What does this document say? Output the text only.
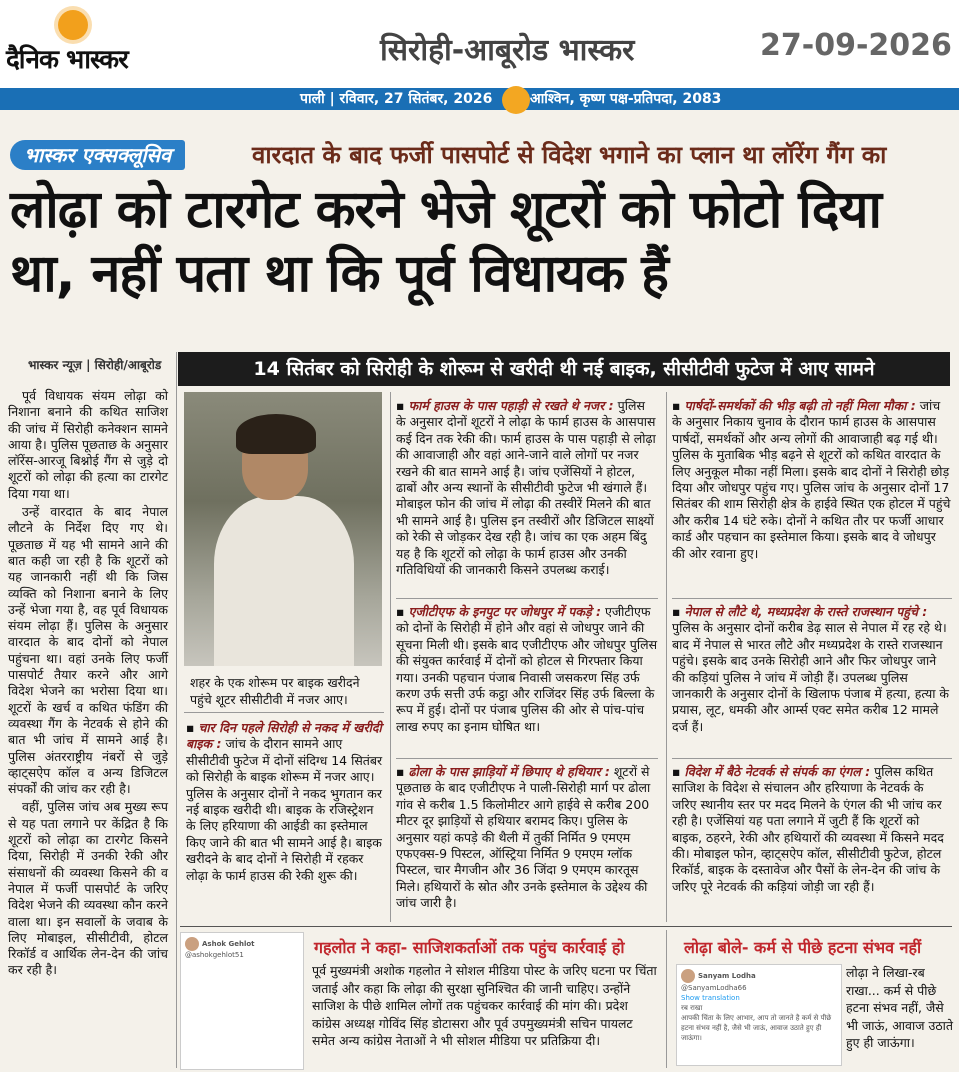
दैनिक भास्कर	सिरोही-आबूरोड भास्कर	27-09-2026
पाली | रविवार, 27 सितंबर, 2026	आश्विन, कृष्ण पक्ष-प्रतिपदा, 2083
भास्कर एक्सक्लूसिव	वारदात के बाद फर्जी पासपोर्ट से विदेश भगाने का प्लान था लॉरेंग गैंग का
लोढ़ा को टारगेट करने भेजे शूटरों को फोटो दिया था, नहीं पता था कि पूर्व विधायक हैं
भास्कर न्यूज़ | सिरोही/आबूरोड	14 सितंबर को सिरोही के शोरूम से खरीदी थी नई बाइक, सीसीटीवी फुटेज में आए सामने

पूर्व विधायक संयम लोढ़ा को निशाना बनाने की कथित साजिश की जांच में सिरोही कनेक्शन सामने आया है। पुलिस पूछताछ के अनुसार लॉरेंस-आरजू बिश्नोई गैंग से जुड़े दो शूटरों को लोढ़ा की हत्या का टारगेट दिया गया था।

उन्हें वारदात के बाद नेपाल लौटने के निर्देश दिए गए थे। पूछताछ में यह भी सामने आने की बात कही जा रही है कि शूटरों को यह जानकारी नहीं थी कि जिस व्यक्ति को निशाना बनाने के लिए उन्हें भेजा गया है, वह पूर्व विधायक संयम लोढ़ा हैं। पुलिस के अनुसार वारदात के बाद दोनों को नेपाल पहुंचना था। वहां उनके लिए फर्जी पासपोर्ट तैयार करने और आगे विदेश भेजने का भरोसा दिया था। शूटरों के खर्च व कथित फंडिंग की व्यवस्था गैंग के नेटवर्क से होने की बात भी जांच में सामने आई है। पुलिस अंतरराष्ट्रीय नंबरों से जुड़े व्हाट्सऐप कॉल व अन्य डिजिटल संपर्कों की जांच कर रही है।

वहीं, पुलिस जांच अब मुख्य रूप से यह पता लगाने पर केंद्रित है कि शूटरों को लोढ़ा का टारगेट किसने दिया, सिरोही में उनकी रेकी और संसाधनों की व्यवस्था किसने की व नेपाल में फर्जी पासपोर्ट के जरिए विदेश भेजने की व्यवस्था कौन करने वाला था। इन सवालों के जवाब के लिए मोबाइल, सीसीटीवी, होटल रिकॉर्ड व आर्थिक लेन-देन की जांच कर रही है।

शहर के एक शोरूम पर बाइक खरीदने पहुंचे शूटर सीसीटीवी में नजर आए।

▪ चार दिन पहले सिरोही से नकद में खरीदी बाइक : जांच के दौरान सामने आए सीसीटीवी फुटेज में दोनों संदिग्ध 14 सितंबर को सिरोही के बाइक शोरूम में नजर आए। पुलिस के अनुसार दोनों ने नकद भुगतान कर नई बाइक खरीदी थी। बाइक के रजिस्ट्रेशन के लिए हरियाणा की आईडी का इस्तेमाल किए जाने की बात भी सामने आई है। बाइक खरीदने के बाद दोनों ने सिरोही में रहकर लोढ़ा के फार्म हाउस की रेकी शुरू की।

▪ फार्म हाउस के पास पहाड़ी से रखते थे नजर : पुलिस के अनुसार दोनों शूटरों ने लोढ़ा के फार्म हाउस के आसपास कई दिन तक रेकी की। फार्म हाउस के पास पहाड़ी से लोढ़ा की आवाजाही और वहां आने-जाने वाले लोगों पर नजर रखने की बात सामने आई है। जांच एजेंसियों ने होटल, ढाबों और अन्य स्थानों के सीसीटीवी फुटेज भी खंगाले हैं। मोबाइल फोन की जांच में लोढ़ा की तस्वीरें मिलने की बात भी सामने आई है। पुलिस इन तस्वीरों और डिजिटल साक्ष्यों को रेकी से जोड़कर देख रही है। जांच का एक अहम बिंदु यह है कि शूटरों को लोढ़ा के फार्म हाउस और उनकी गतिविधियों की जानकारी किसने उपलब्ध कराई।

▪ एजीटीएफ के इनपुट पर जोधपुर में पकड़े : एजीटीएफ को दोनों के सिरोही में होने और वहां से जोधपुर जाने की सूचना मिली थी। इसके बाद एजीटीएफ और जोधपुर पुलिस की संयुक्त कार्रवाई में दोनों को होटल से गिरफ्तार किया गया। उनकी पहचान पंजाब निवासी जसकरण सिंह उर्फ करण उर्फ सत्ती उर्फ कट्ठा और राजिंदर सिंह उर्फ बिल्ला के रूप में हुई। दोनों पर पंजाब पुलिस की ओर से पांच-पांच लाख रुपए का इनाम घोषित था।

▪ ढोला के पास झाड़ियों में छिपाए थे हथियार : शूटरों से पूछताछ के बाद एजीटीएफ ने पाली-सिरोही मार्ग पर ढोला गांव से करीब 1.5 किलोमीटर आगे हाईवे से करीब 200 मीटर दूर झाड़ियों से हथियार बरामद किए। पुलिस के अनुसार यहां कपड़े की थैली में तुर्की निर्मित 9 एमएम एफएक्स-9 पिस्टल, ऑस्ट्रिया निर्मित 9 एमएम ग्लॉक पिस्टल, चार मैगजीन और 36 जिंदा 9 एमएम कारतूस मिले। हथियारों के स्रोत और उनके इस्तेमाल के उद्देश्य की जांच जारी है।

▪ पार्षदों-समर्थकों की भीड़ बढ़ी तो नहीं मिला मौका : जांच के अनुसार निकाय चुनाव के दौरान फार्म हाउस के आसपास पार्षदों, समर्थकों और अन्य लोगों की आवाजाही बढ़ गई थी। पुलिस के मुताबिक भीड़ बढ़ने से शूटरों को कथित वारदात के लिए अनुकूल मौका नहीं मिला। इसके बाद दोनों ने सिरोही छोड़ दिया और जोधपुर पहुंच गए। पुलिस जांच के अनुसार दोनों 17 सितंबर की शाम सिरोही क्षेत्र के हाईवे स्थित एक होटल में पहुंचे और करीब 14 घंटे रुके। दोनों ने कथित तौर पर फर्जी आधार कार्ड और पहचान का इस्तेमाल किया। इसके बाद वे जोधपुर की ओर रवाना हुए।

▪ नेपाल से लौटे थे, मध्यप्रदेश के रास्ते राजस्थान पहुंचे : पुलिस के अनुसार दोनों करीब डेढ़ साल से नेपाल में रह रहे थे। बाद में नेपाल से भारत लौटे और मध्यप्रदेश के रास्ते राजस्थान पहुंचे। इसके बाद उनके सिरोही आने और फिर जोधपुर जाने की कड़ियां पुलिस ने जांच में जोड़ी हैं। उपलब्ध पुलिस जानकारी के अनुसार दोनों के खिलाफ पंजाब में हत्या, हत्या के प्रयास, लूट, धमकी और आर्म्स एक्ट समेत करीब 12 मामले दर्ज हैं।

▪ विदेश में बैठे नेटवर्क से संपर्क का एंगल : पुलिस कथित साजिश के विदेश से संचालन और हरियाणा के नेटवर्क के जरिए स्थानीय स्तर पर मदद मिलने के एंगल की भी जांच कर रही है। एजेंसियां यह पता लगाने में जुटी हैं कि शूटरों को बाइक, ठहरने, रेकी और हथियारों की व्यवस्था में किसने मदद की। मोबाइल फोन, व्हाट्सऐप कॉल, सीसीटीवी फुटेज, होटल रिकॉर्ड, बाइक के दस्तावेज और पैसों के लेन-देन की जांच के जरिए पूरे नेटवर्क की कड़ियां जोड़ी जा रही हैं।

Ashok Gehlot
@ashokgehlot51	गहलोत ने कहा- साजिशकर्ताओं तक पहुंच कार्रवाई हो
पूर्व मुख्यमंत्री अशोक गहलोत ने सोशल मीडिया पोस्ट के जरिए घटना पर चिंता जताई और कहा कि लोढ़ा की सुरक्षा सुनिश्चित की जानी चाहिए। उन्होंने साजिश के पीछे शामिल लोगों तक पहुंचकर कार्रवाई की मांग की। प्रदेश कांग्रेस अध्यक्ष गोविंद सिंह डोटासरा और पूर्व उपमुख्यमंत्री सचिन पायलट समेत अन्य कांग्रेस नेताओं ने भी सोशल मीडिया पर प्रतिक्रिया दी।
लोढ़ा बोले- कर्म से पीछे हटना संभव नहीं
Sanyam Lodha
@SanyamLodha66
Show translation
रब राखा
आपकी चिंता के लिए आभार, आप तो जानते है कर्म से पीछे हटना संभव नहीं है, जैसे भी जाऊं, आवाज उठाते हुए ही जाऊंगा।
लोढ़ा ने लिखा-रब राखा... कर्म से पीछे हटना संभव नहीं, जैसे भी जाऊं, आवाज उठाते हुए ही जाऊंगा।
